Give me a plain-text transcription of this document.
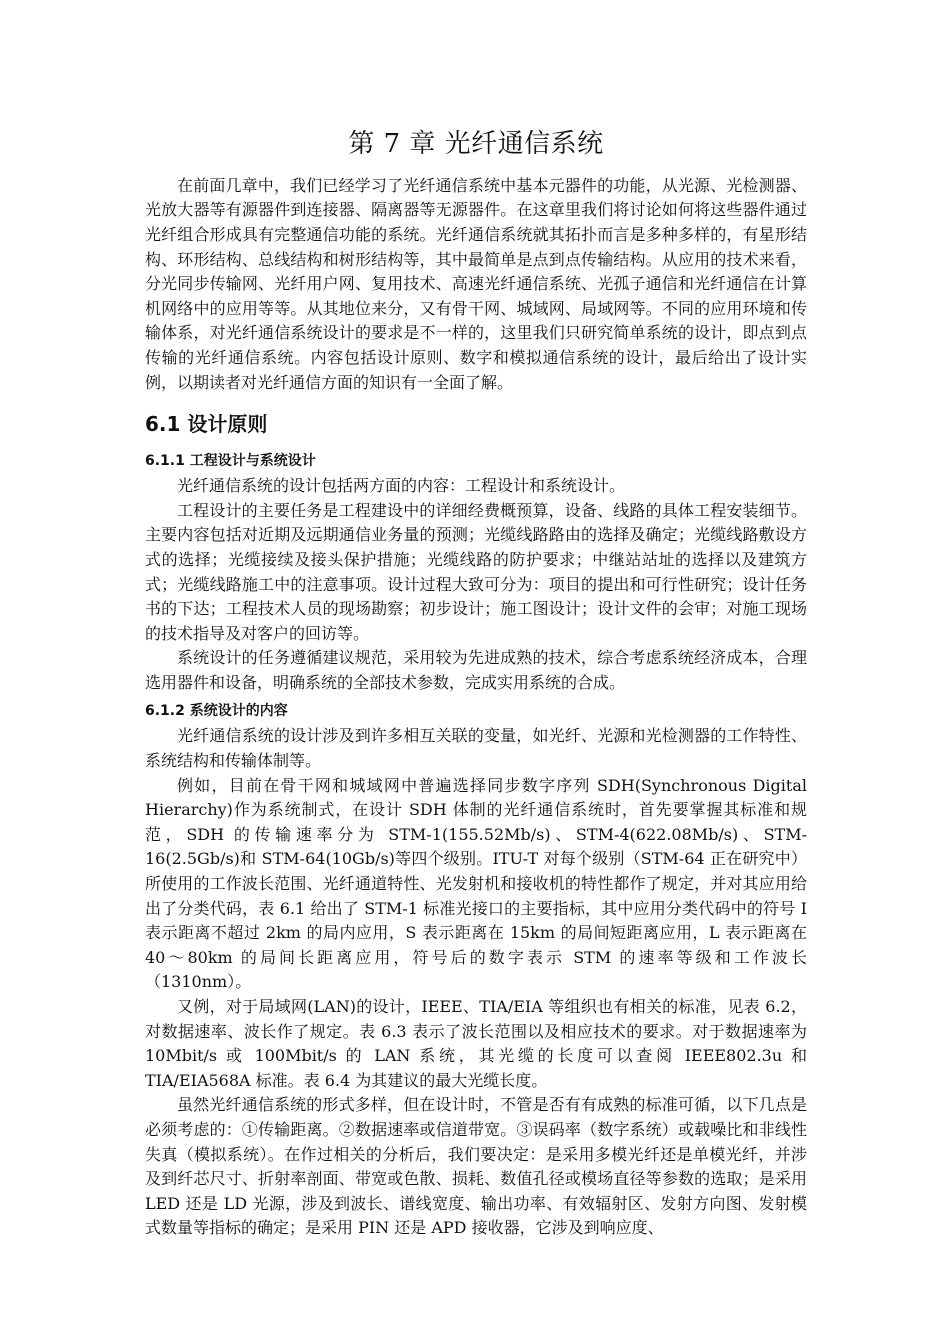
第 7 章 光纤通信系统

在前面几章中，我们已经学习了光纤通信系统中基本元器件的功能，从光源、光检测器、光放大器等有源器件到连接器、隔离器等无源器件。在这章里我们将讨论如何将这些器件通过光纤组合形成具有完整通信功能的系统。光纤通信系统就其拓扑而言是多种多样的，有星形结构、环形结构、总线结构和树形结构等，其中最简单是点到点传输结构。从应用的技术来看，分光同步传输网、光纤用户网、复用技术、高速光纤通信系统、光孤子通信和光纤通信在计算机网络中的应用等等。从其地位来分，又有骨干网、城域网、局域网等。不同的应用环境和传输体系，对光纤通信系统设计的要求是不一样的，这里我们只研究简单系统的设计，即点到点传输的光纤通信系统。内容包括设计原则、数字和模拟通信系统的设计，最后给出了设计实例，以期读者对光纤通信方面的知识有一全面了解。

6.1 设计原则
6.1.1 工程设计与系统设计

光纤通信系统的设计包括两方面的内容：工程设计和系统设计。

工程设计的主要任务是工程建设中的详细经费概预算，设备、线路的具体工程安装细节。主要内容包括对近期及远期通信业务量的预测；光缆线路路由的选择及确定；光缆线路敷设方式的选择；光缆接续及接头保护措施；光缆线路的防护要求；中继站站址的选择以及建筑方式；光缆线路施工中的注意事项。设计过程大致可分为：项目的提出和可行性研究；设计任务书的下达；工程技术人员的现场勘察；初步设计；施工图设计；设计文件的会审；对施工现场的技术指导及对客户的回访等。

系统设计的任务遵循建议规范，采用较为先进成熟的技术，综合考虑系统经济成本，合理选用器件和设备，明确系统的全部技术参数，完成实用系统的合成。

6.1.2 系统设计的内容

光纤通信系统的设计涉及到许多相互关联的变量，如光纤、光源和光检测器的工作特性、系统结构和传输体制等。

例如，目前在骨干网和城域网中普遍选择同步数字序列 SDH(Synchronous Digital Hierarchy)作为系统制式，在设计 SDH 体制的光纤通信系统时，首先要掌握其标准和规范，SDH 的传输速率分为 STM-1(155.52Mb/s)、STM-4(622.08Mb/s)、STM-16(2.5Gb/s)和 STM-64(10Gb/s)等四个级别。ITU-T 对每个级别（STM-64 正在研究中）所使用的工作波长范围、光纤通道特性、光发射机和接收机的特性都作了规定，并对其应用给出了分类代码，表 6.1 给出了 STM-1 标准光接口的主要指标，其中应用分类代码中的符号 I 表示距离不超过 2km 的局内应用，S 表示距离在 15km 的局间短距离应用，L 表示距离在 40～80km 的局间长距离应用，符号后的数字表示 STM 的速率等级和工作波长（1310nm）。

又例，对于局域网(LAN)的设计，IEEE、TIA/EIA 等组织也有相关的标准，见表 6.2，对数据速率、波长作了规定。表 6.3 表示了波长范围以及相应技术的要求。对于数据速率为 10Mbit/s 或 100Mbit/s 的 LAN 系统，其光缆的长度可以查阅 IEEE802.3u 和 TIA/EIA568A 标准。表 6.4 为其建议的最大光缆长度。

虽然光纤通信系统的形式多样，但在设计时，不管是否有有成熟的标准可循，以下几点是必须考虑的：①传输距离。②数据速率或信道带宽。③误码率（数字系统）或载噪比和非线性失真（模拟系统）。在作过相关的分析后，我们要决定：是采用多模光纤还是单模光纤，并涉及到纤芯尺寸、折射率剖面、带宽或色散、损耗、数值孔径或模场直径等参数的选取；是采用 LED 还是 LD 光源，涉及到波长、谱线宽度、输出功率、有效辐射区、发射方向图、发射模式数量等指标的确定；是采用 PIN 还是 APD 接收器，它涉及到响应度、
